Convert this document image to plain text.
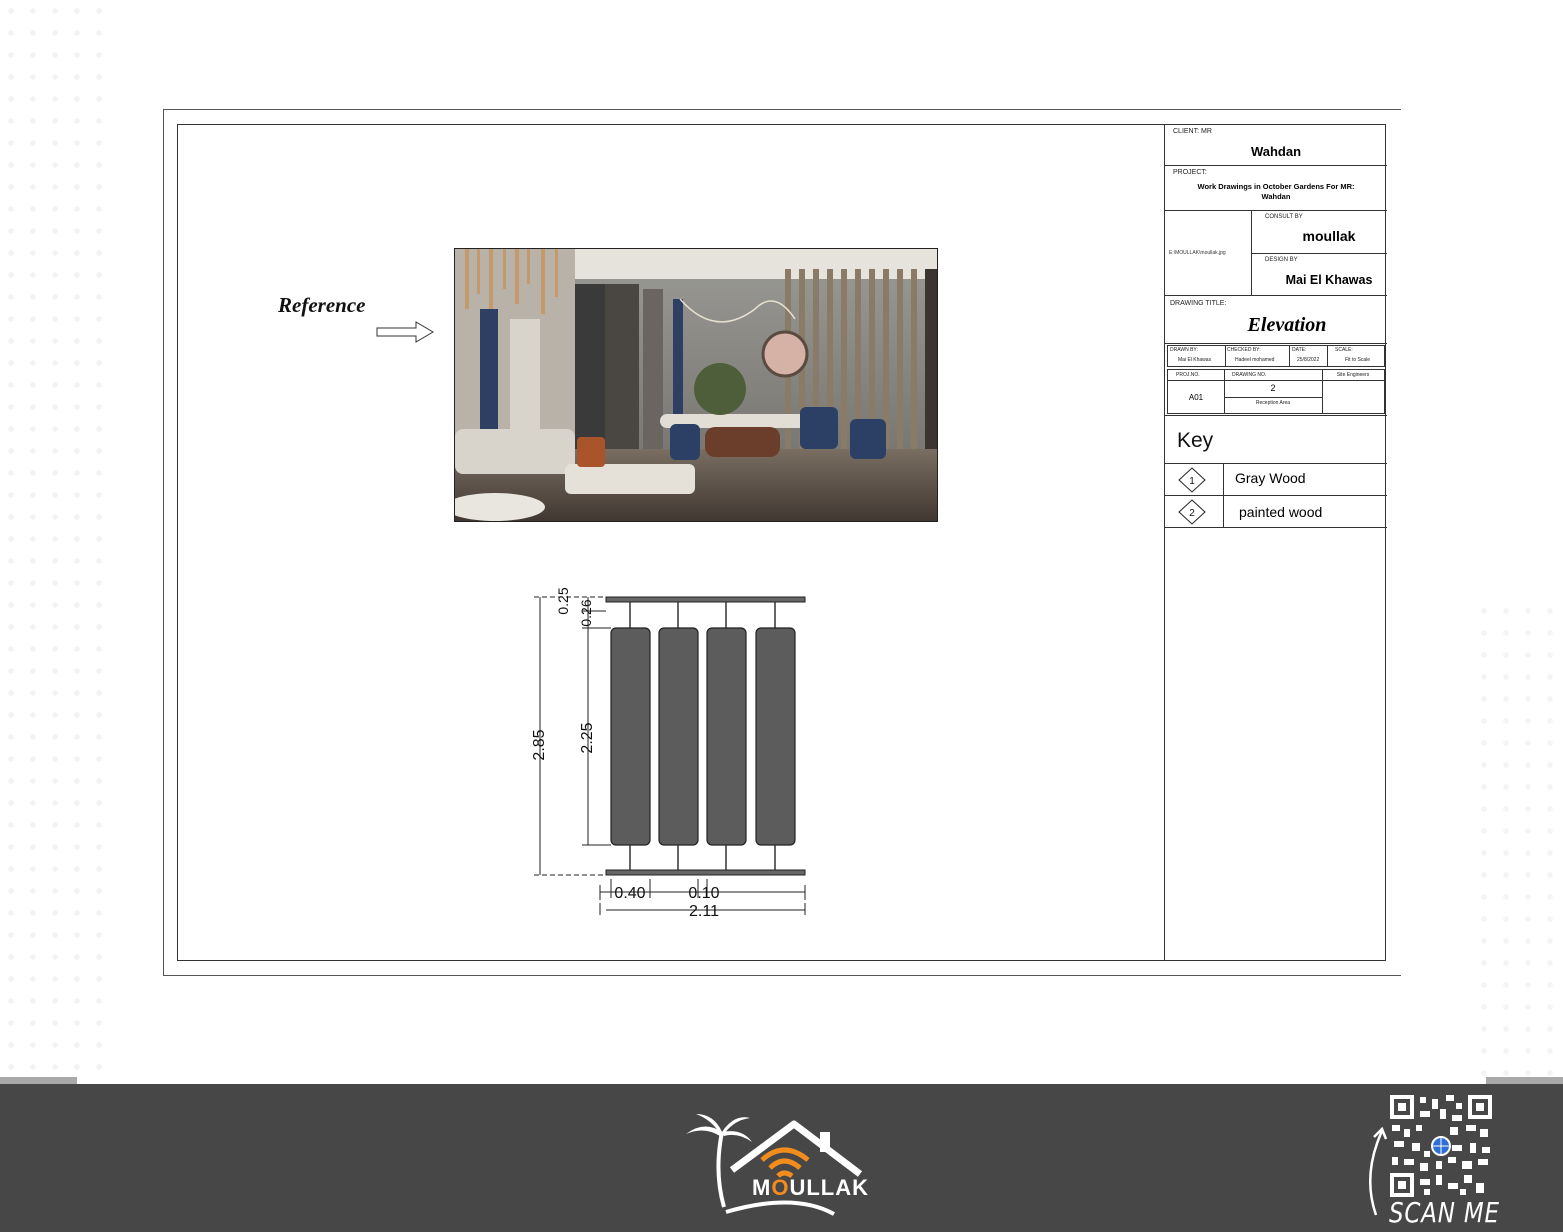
Reference
2.85 2.25
0.25 0.26
0.40	0.10
2.11
CLIENT: MR
Wahdan
PROJECT:
Work Drawings in October Gardens For MR: Wahdan
E:\MOULLAK\moullak.jpg
CONSULT BY
moullak
DESIGN BY
Mai El Khawas
DRAWING TITLE:
Elevation
DRAWN BY:
Mai El Khawas
CHECKED BY:
Hadeel mohamed
DATE:
25/8/2022
SCALE:
Fit to Scale
PROJ.NO.
A01
DRAWING NO.
2
Reception Area
Site Engineers
Key
1	Gray Wood
2	painted wood
MOULLAK
SCAN ME
